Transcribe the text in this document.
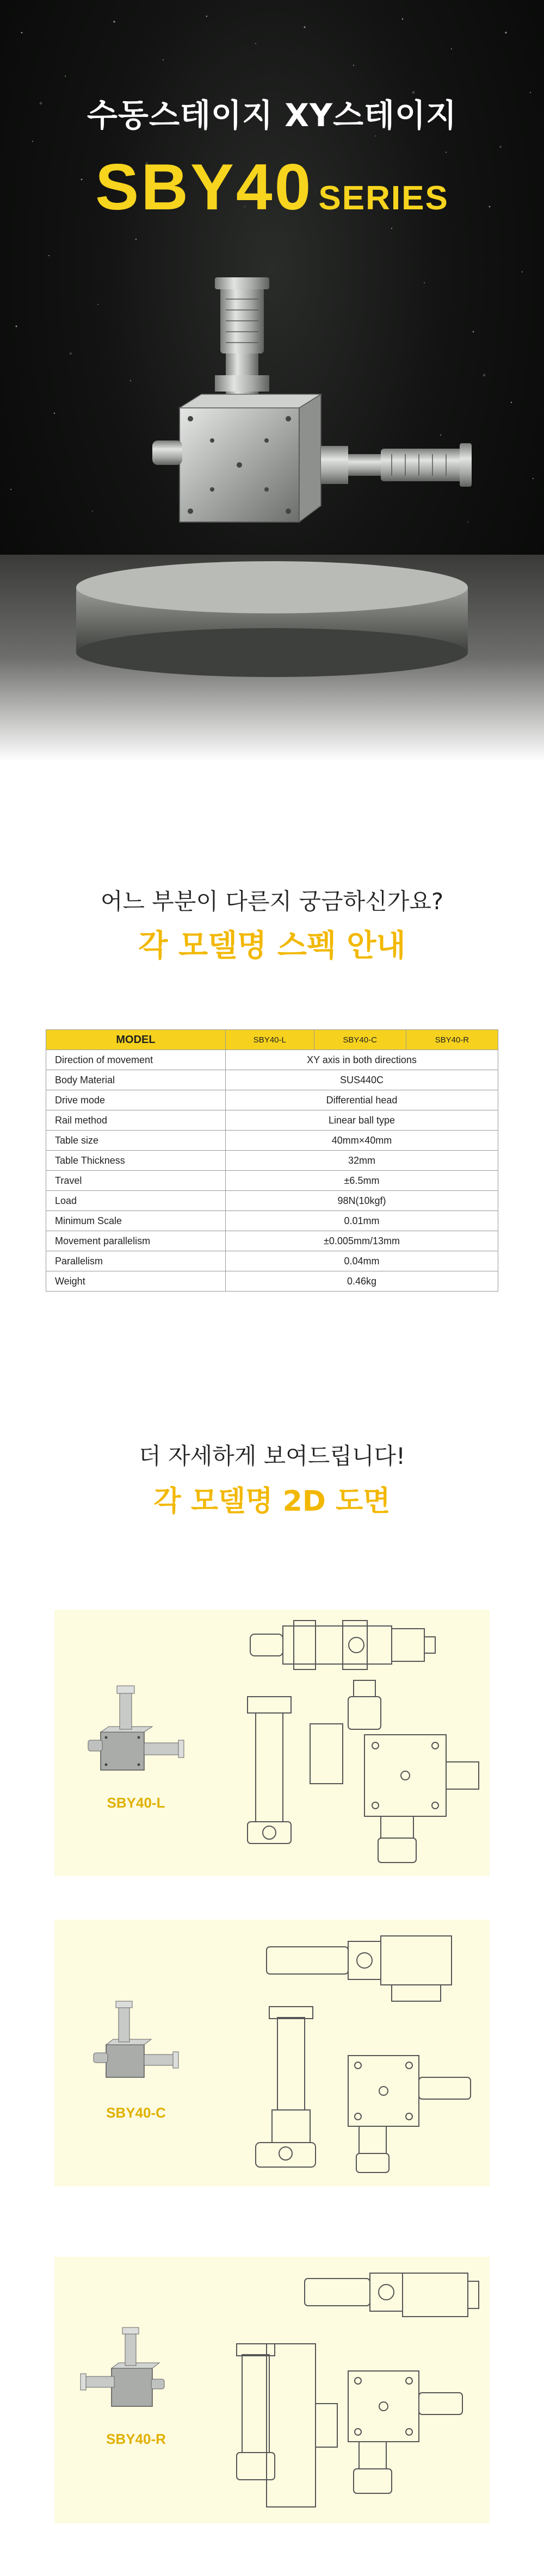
수동스테이지 XY스테이지
SBY40 SERIES
어느 부분이 다른지 궁금하신가요?
각 모델명 스펙 안내
MODEL	SBY40-L	SBY40-C	SBY40-R
Direction of movement	XY axis in both directions		
Body Material	SUS440C		
Drive mode	Differential head		
Rail method	Linear ball type		
Table size	40mm×40mm		
Table Thickness	32mm		
Travel	±6.5mm		
Load	98N(10kgf)		
Minimum Scale	0.01mm		
Movement parallelism	±0.005mm/13mm		
Parallelism	0.04mm		
Weight	0.46kg		
더 자세하게 보여드립니다!
각 모델명 2D 도면
SBY40-L
SBY40-C
SBY40-R
